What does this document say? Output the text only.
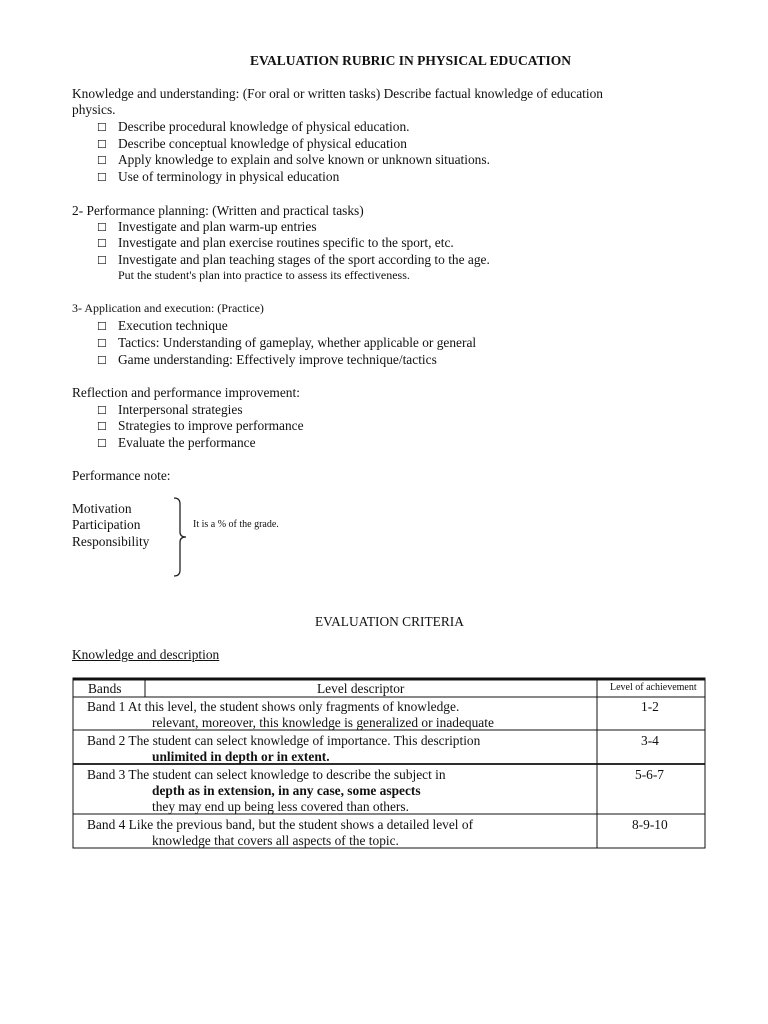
EVALUATION RUBRIC IN PHYSICAL EDUCATION
Knowledge and understanding: (For oral or written tasks) Describe factual knowledge of education
physics.
☐ Describe procedural knowledge of physical education.
☐ Describe conceptual knowledge of physical education
☐ Apply knowledge to explain and solve known or unknown situations.
☐ Use of terminology in physical education
2- Performance planning: (Written and practical tasks)
☐ Investigate and plan warm-up entries
☐ Investigate and plan exercise routines specific to the sport, etc.
☐ Investigate and plan teaching stages of the sport according to the age.
Put the student's plan into practice to assess its effectiveness.
3- Application and execution: (Practice)
☐ Execution technique
☐ Tactics: Understanding of gameplay, whether applicable or general
☐ Game understanding: Effectively improve technique/tactics
Reflection and performance improvement:
☐ Interpersonal strategies
☐ Strategies to improve performance
☐ Evaluate the performance
Performance note:
Motivation
Participation
Responsibility
It is a % of the grade.
EVALUATION CRITERIA
Knowledge and description
Bands	Level descriptor	Level of achievement
Band 1 At this level, the student shows only fragments of knowledge.
relevant, moreover, this knowledge is generalized or inadequate
1-2
Band 2 The student can select knowledge of importance. This description
unlimited in depth or in extent.
3-4
Band 3 The student can select knowledge to describe the subject in
depth as in extension, in any case, some aspects
they may end up being less covered than others.
5-6-7
Band 4 Like the previous band, but the student shows a detailed level of
knowledge that covers all aspects of the topic.
8-9-10
